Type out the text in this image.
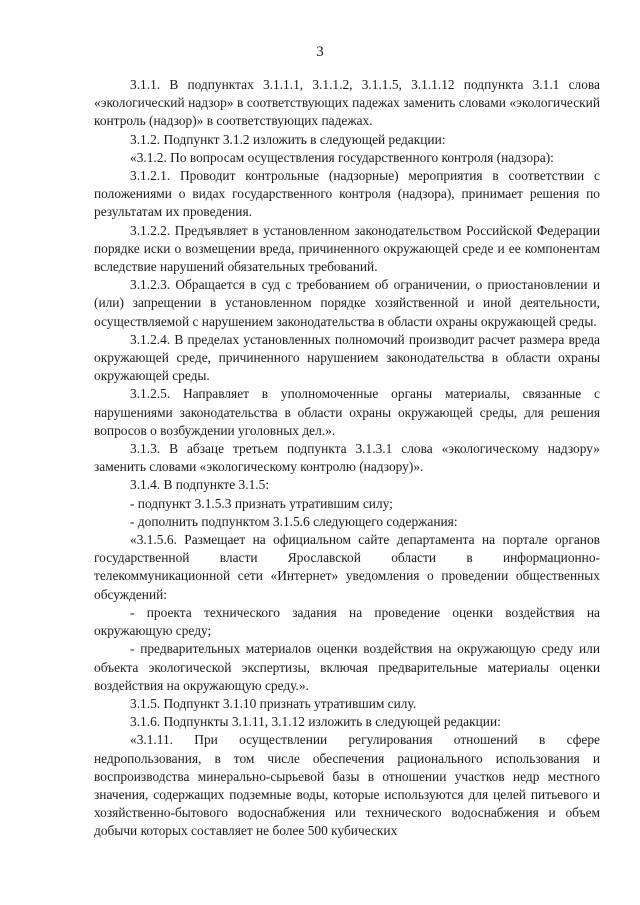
3

3.1.1. В подпунктах 3.1.1.1, 3.1.1.2, 3.1.1.5, 3.1.1.12 подпункта 3.1.1 слова «экологический надзор» в соответствующих падежах заменить словами «экологический контроль (надзор)» в соответствующих падежах.

3.1.2. Подпункт 3.1.2 изложить в следующей редакции:

«3.1.2. По вопросам осуществления государственного контроля (надзора):

3.1.2.1. Проводит контрольные (надзорные) мероприятия в соответствии с положениями о видах государственного контроля (надзора), принимает решения по результатам их проведения.

3.1.2.2. Предъявляет в установленном законодательством Российской Федерации порядке иски о возмещении вреда, причиненного окружающей среде и ее компонентам вследствие нарушений обязательных требований.

3.1.2.3. Обращается в суд с требованием об ограничении, о приостановлении и (или) запрещении в установленном порядке хозяйственной и иной деятельности, осуществляемой с нарушением законодательства в области охраны окружающей среды.

3.1.2.4. В пределах установленных полномочий производит расчет размера вреда окружающей среде, причиненного нарушением законодательства в области охраны окружающей среды.

3.1.2.5. Направляет в уполномоченные органы материалы, связанные с нарушениями законодательства в области охраны окружающей среды, для решения вопросов о возбуждении уголовных дел.».

3.1.3. В абзаце третьем подпункта 3.1.3.1 слова «экологическому надзору» заменить словами «экологическому контролю (надзору)».

3.1.4. В подпункте 3.1.5:

- подпункт 3.1.5.3 признать утратившим силу;

- дополнить подпунктом 3.1.5.6 следующего содержания:

«3.1.5.6. Размещает на официальном сайте департамента на портале органов государственной власти Ярославской области в информационно-телекоммуникационной сети «Интернет» уведомления о проведении общественных обсуждений:

- проекта технического задания на проведение оценки воздействия на окружающую среду;

- предварительных материалов оценки воздействия на окружающую среду или объекта экологической экспертизы, включая предварительные материалы оценки воздействия на окружающую среду.».

3.1.5. Подпункт 3.1.10 признать утратившим силу.

3.1.6. Подпункты 3.1.11, 3.1.12 изложить в следующей редакции:

«3.1.11. При осуществлении регулирования отношений в сфере недропользования, в том числе обеспечения рационального использования и воспроизводства минерально-сырьевой базы в отношении участков недр местного значения, содержащих подземные воды, которые используются для целей питьевого и хозяйственно-бытового водоснабжения или технического водоснабжения и объем добычи которых составляет не более 500 кубических
